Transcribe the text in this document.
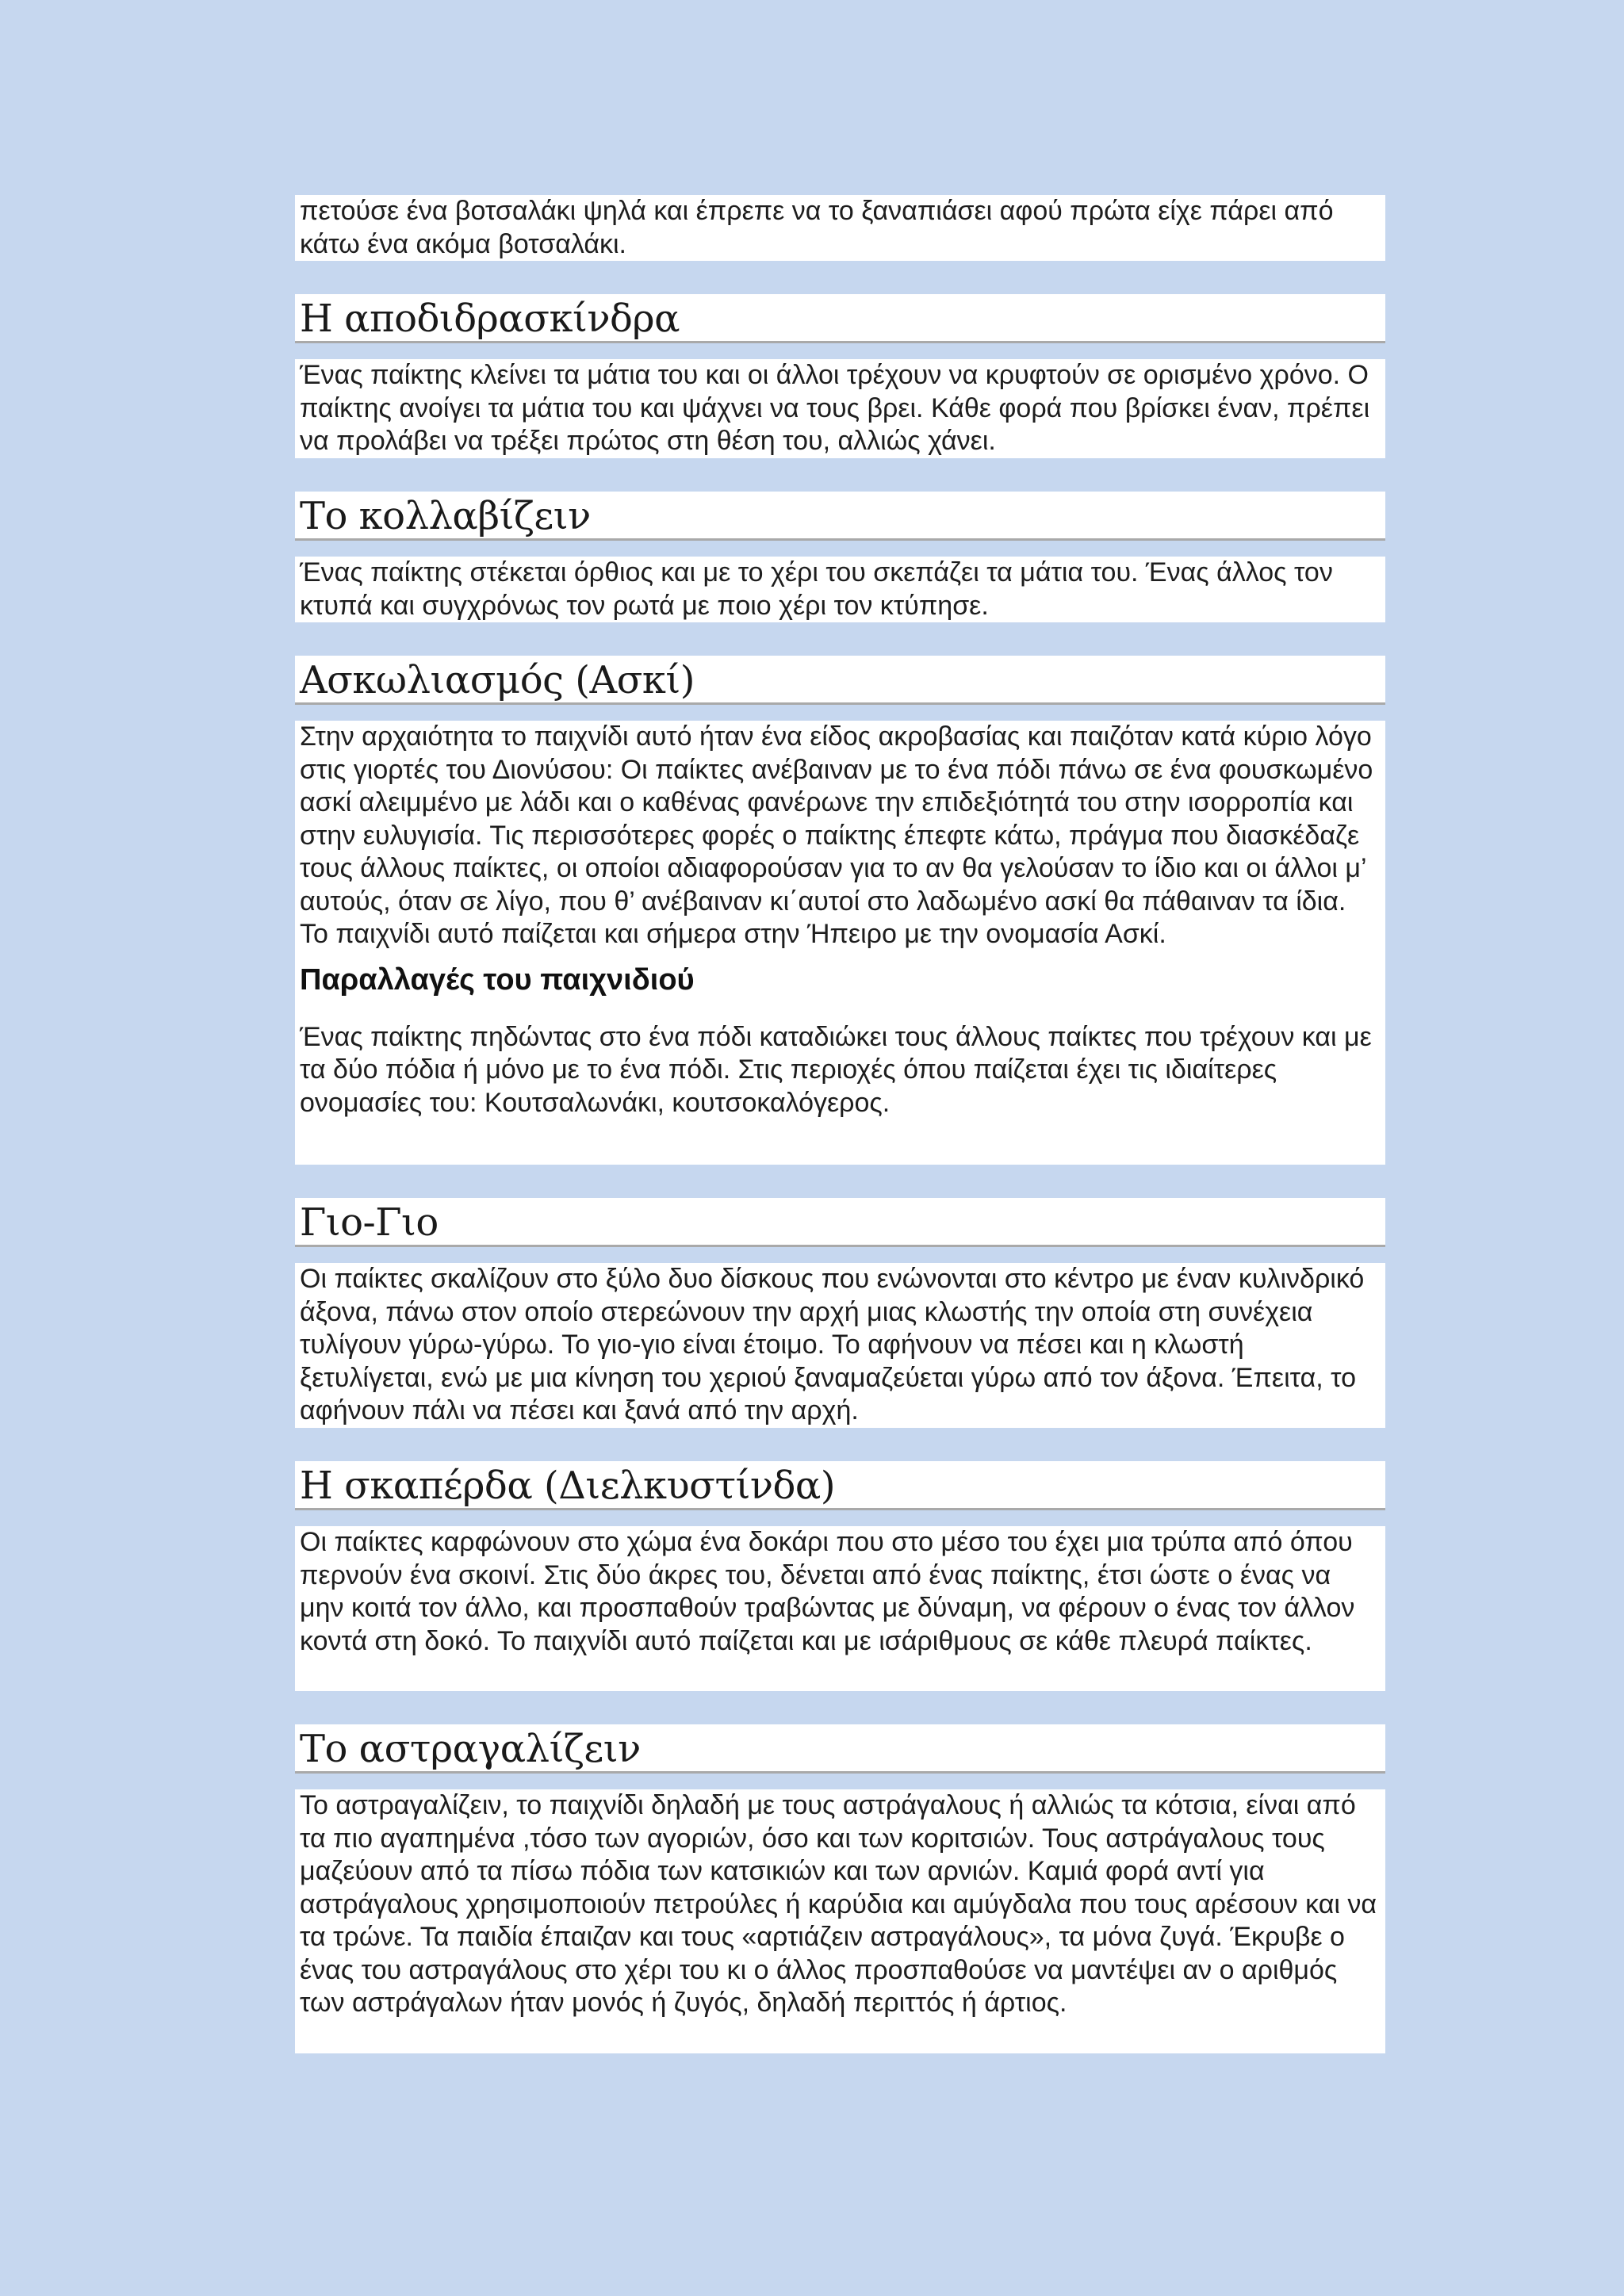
πετούσε ένα βοτσαλάκι ψηλά και έπρεπε να το ξαναπιάσει αφού πρώτα είχε πάρει από κάτω ένα ακόμα βοτσαλάκι.

Η αποδιδρασκίνδρα

Ένας παίκτης κλείνει τα μάτια του και οι άλλοι τρέχουν να κρυφτούν σε ορισμένο χρόνο. Ο παίκτης ανοίγει τα μάτια του και ψάχνει να τους βρει. Κάθε φορά που βρίσκει έναν, πρέπει να προλάβει να τρέξει πρώτος στη θέση του, αλλιώς χάνει.

Το κολλαβίζειν

Ένας παίκτης στέκεται όρθιος και με το χέρι του σκεπάζει τα μάτια του. Ένας άλλος τον κτυπά και συγχρόνως τον ρωτά με ποιο χέρι τον κτύπησε.

Ασκωλιασμός (Ασκί)

Στην αρχαιότητα το παιχνίδι αυτό ήταν ένα είδος ακροβασίας και παιζόταν κατά κύριο λόγο στις γιορτές του Διονύσου: Οι παίκτες ανέβαιναν με το ένα πόδι πάνω σε ένα φουσκωμένο ασκί αλειμμένο με λάδι και ο καθένας φανέρωνε την επιδεξιότητά του στην ισορροπία και στην ευλυγισία. Τις περισσότερες φορές ο παίκτης έπεφτε κάτω, πράγμα που διασκέδαζε τους άλλους παίκτες, οι οποίοι αδιαφορούσαν για το αν θα γελούσαν το ίδιο και οι άλλοι μ’ αυτούς, όταν σε λίγο, που θ’ ανέβαιναν κι΄αυτοί στο λαδωμένο ασκί θα πάθαιναν τα ίδια. Το παιχνίδι αυτό παίζεται και σήμερα στην Ήπειρο με την ονομασία Ασκί.

Παραλλαγές του παιχνιδιού

Ένας παίκτης πηδώντας στο ένα πόδι καταδιώκει τους άλλους παίκτες που τρέχουν και με τα δύο πόδια ή μόνο με το ένα πόδι. Στις περιοχές όπου παίζεται έχει τις ιδιαίτερες ονομασίες του: Κουτσαλωνάκι, κουτσοκαλόγερος.

Γιο-Γιο

Οι παίκτες σκαλίζουν στο ξύλο δυο δίσκους που ενώνονται στο κέντρο με έναν κυλινδρικό άξονα, πάνω στον οποίο στερεώνουν την αρχή μιας κλωστής την οποία στη συνέχεια τυλίγουν γύρω-γύρω. Το γιο-γιο είναι έτοιμο. Το αφήνουν να πέσει και η κλωστή ξετυλίγεται, ενώ με μια κίνηση του χεριού ξαναμαζεύεται γύρω από τον άξονα. Έπειτα, το αφήνουν πάλι να πέσει και ξανά από την αρχή.

Η σκαπέρδα (Διελκυστίνδα)

Οι παίκτες καρφώνουν στο χώμα ένα δοκάρι που στο μέσο του έχει μια τρύπα από όπου περνούν ένα σκοινί. Στις δύο άκρες του, δένεται από ένας παίκτης, έτσι ώστε ο ένας να μην κοιτά τον άλλο, και προσπαθούν τραβώντας με δύναμη, να φέρουν ο ένας τον άλλον κοντά στη δοκό. Το παιχνίδι αυτό παίζεται και με ισάριθμους σε κάθε πλευρά παίκτες.

Το αστραγαλίζειν

Το αστραγαλίζειν, το παιχνίδι δηλαδή με τους αστράγαλους ή αλλιώς τα κότσια, είναι από τα πιο αγαπημένα ,τόσο των αγοριών, όσο και των κοριτσιών. Τους αστράγαλους τους μαζεύουν από τα πίσω πόδια των κατσικιών και των αρνιών. Καμιά φορά αντί για αστράγαλους χρησιμοποιούν πετρούλες ή καρύδια και αμύγδαλα που τους αρέσουν και να τα τρώνε. Τα παιδία έπαιζαν και τους «αρτιάζειν αστραγάλους», τα μόνα ζυγά. Έκρυβε ο ένας του αστραγάλους στο χέρι του κι ο άλλος προσπαθούσε να μαντέψει αν ο αριθμός των αστράγαλων ήταν μονός ή ζυγός, δηλαδή περιττός ή άρτιος.
